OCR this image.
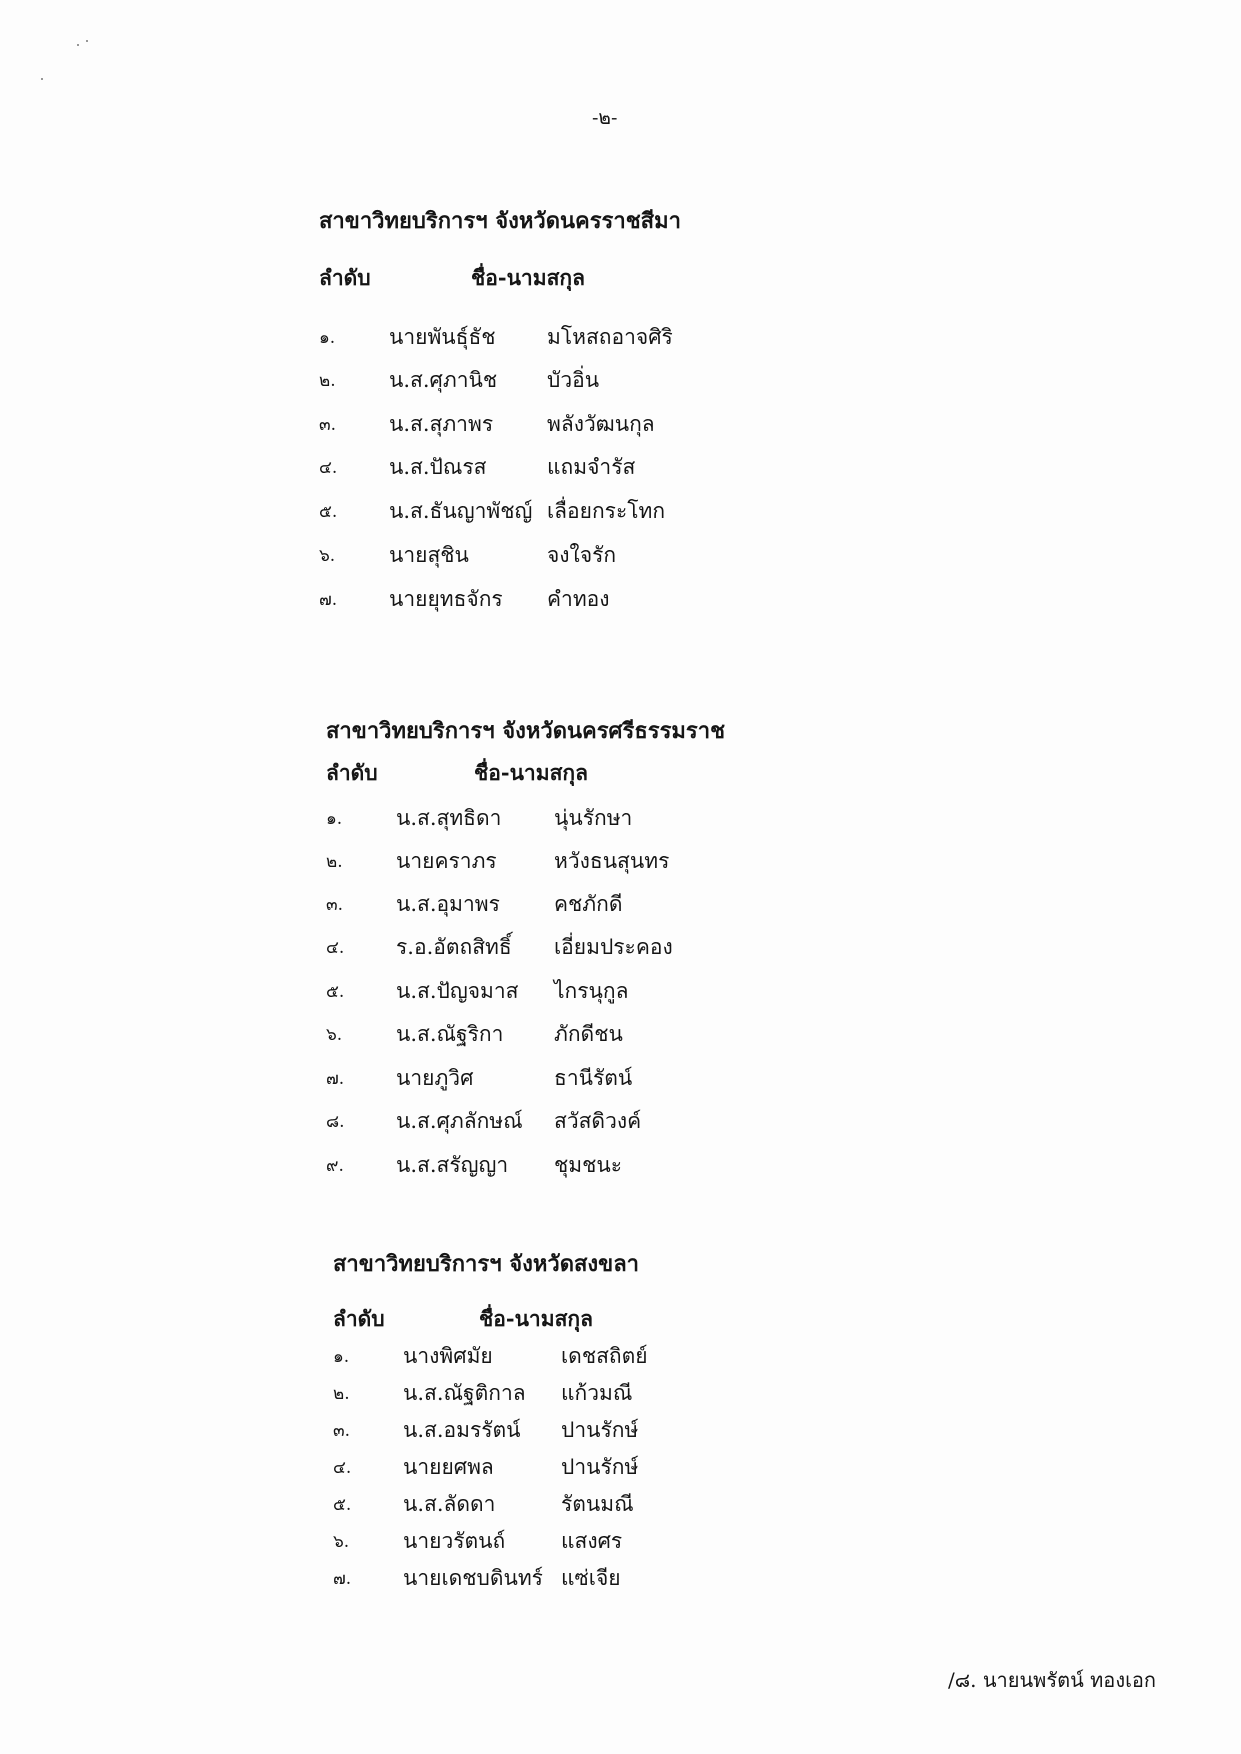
-๒-
สาขาวิทยบริการฯ จังหวัดนครราชสีมา
ลำดับ	ชื่อ-นามสกุล
๑.	นายพันธุ์ธัช มโหสถอาจศิริ
๒.	น.ส.ศุภานิช บัวอิ่น
๓.	น.ส.สุภาพร	พลังวัฒนกุล
๔. น.ส.ปัณรส	แถมจำรัส
๕. น.ส.ธันญาพัชญ์ เลื่อยกระโทก
๖.	นายสุชิน	จงใจรัก
๗. นายยุทธจักร คำทอง
สาขาวิทยบริการฯ จังหวัดนครศรีธรรมราช
ลำดับ	ชื่อ-นามสกุล
๑.	น.ส.สุทธิดา	นุ่นรักษา
๒.	นายคราภร	หวังธนสุนทร
๓.	น.ส.อุมาพร	คชภักดี
๔. ร.อ.อัตถสิทธิ์ เอี่ยมประคอง
๕. น.ส.ปัญจมาส ไกรนุกูล
๖.	น.ส.ณัฐริกา ภักดีชน
๗. นายภูวิศ	ธานีรัตน์
๘. น.ส.ศุภลักษณ์ สวัสดิวงค์
๙. น.ส.สรัญญา ชุมชนะ
สาขาวิทยบริการฯ จังหวัดสงขลา
ลำดับ	ชื่อ-นามสกุล
๑.	นางพิศมัย	เดชสถิตย์
๒.	น.ส.ณัฐติกาล แก้วมณี
๓.	น.ส.อมรรัตน์ ปานรักษ์
๔. นายยศพล	ปานรักษ์
๕. น.ส.ลัดดา	รัตนมณี
๖.	นายวรัตนถ์	แสงศร
๗. นายเดชบดินทร์ แซ่เจีย
/๘. นายนพรัตน์ ทองเอก
